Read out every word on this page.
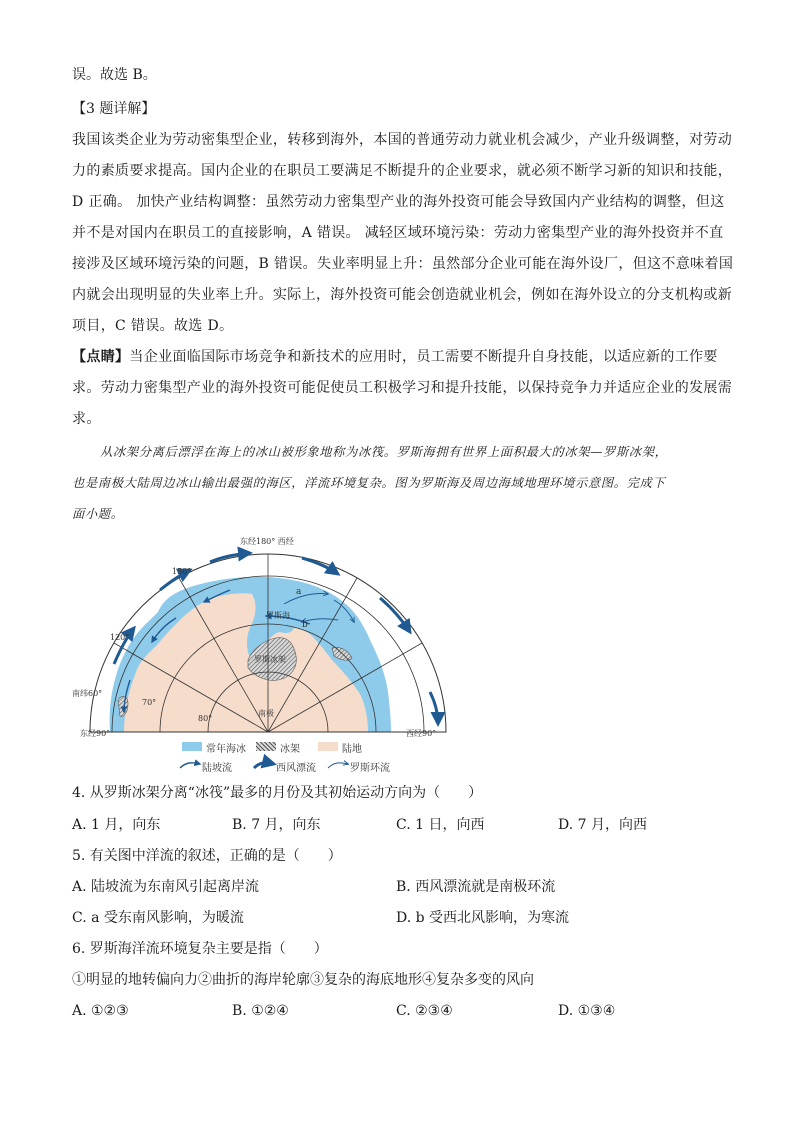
误。故选 B。
【3 题详解】
我国该类企业为劳动密集型企业，转移到海外，本国的普通劳动力就业机会减少，产业升级调整，对劳动
力的素质要求提高。国内企业的在职员工要满足不断提升的企业要求，就必须不断学习新的知识和技能，
D 正确。 加快产业结构调整：虽然劳动力密集型产业的海外投资可能会导致国内产业结构的调整，但这
并不是对国内在职员工的直接影响，A 错误。 减轻区域环境污染：劳动力密集型产业的海外投资并不直
接涉及区域环境污染的问题，B 错误。失业率明显上升：虽然部分企业可能在海外设厂，但这不意味着国
内就会出现明显的失业率上升。实际上，海外投资可能会创造就业机会，例如在海外设立的分支机构或新
项目，C 错误。故选 D。
【点睛】当企业面临国际市场竞争和新技术的应用时，员工需要不断提升自身技能，以适应新的工作要
求。劳动力密集型产业的海外投资可能促使员工积极学习和提升技能，以保持竞争力并适应企业的发展需
求。
从冰架分离后漂浮在海上的冰山被形象地称为冰筏。罗斯海拥有世界上面积最大的冰架—罗斯冰架，
也是南极大陆周边冰山输出最强的海区，洋流环境复杂。图为罗斯海及周边海域地理环境示意图。完成下
面小题。
东经180° 西经
150°
120°
南纬60°
70°
80°
东经90°	西经90°
南极
罗斯海
罗斯冰架
a
b
常年海冰	冰架	陆地
陆坡流	西风漂流	罗斯环流
4. 从罗斯冰架分离“冰筏”最多的月份及其初始运动方向为（　　）
A. 1 月，向东	B. 7 月，向东	C. 1 日，向西	D. 7 月，向西
5. 有关图中洋流的叙述，正确的是（　　）
A. 陆坡流为东南风引起离岸流	B. 西风漂流就是南极环流
C. a 受东南风影响，为暖流	D. b 受西北风影响，为寒流
6. 罗斯海洋流环境复杂主要是指（　　）
①明显的地转偏向力②曲折的海岸轮廓③复杂的海底地形④复杂多变的风向
A. ①②③	B. ①②④	C. ②③④	D. ①③④
